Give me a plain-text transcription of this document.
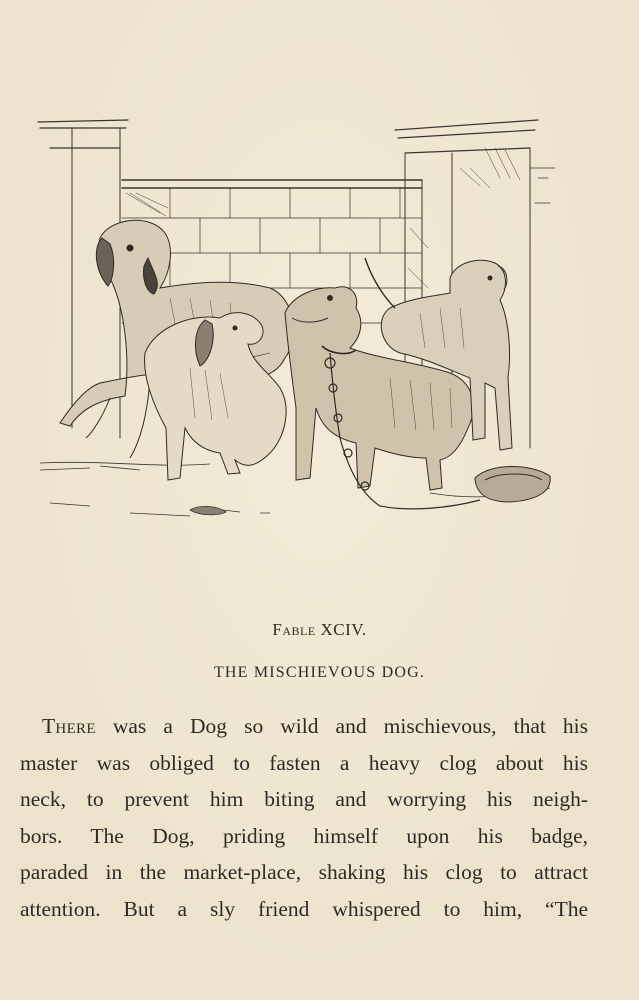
Fable XCIV.
THE MISCHIEVOUS DOG.
There was a Dog so wild and mischievous, that his
master was obliged to fasten a heavy clog about his
neck, to prevent him biting and worrying his neigh-
bors. The Dog, priding himself upon his badge,
paraded in the market-place, shaking his clog to attract
attention. But a sly friend whispered to him, “The
